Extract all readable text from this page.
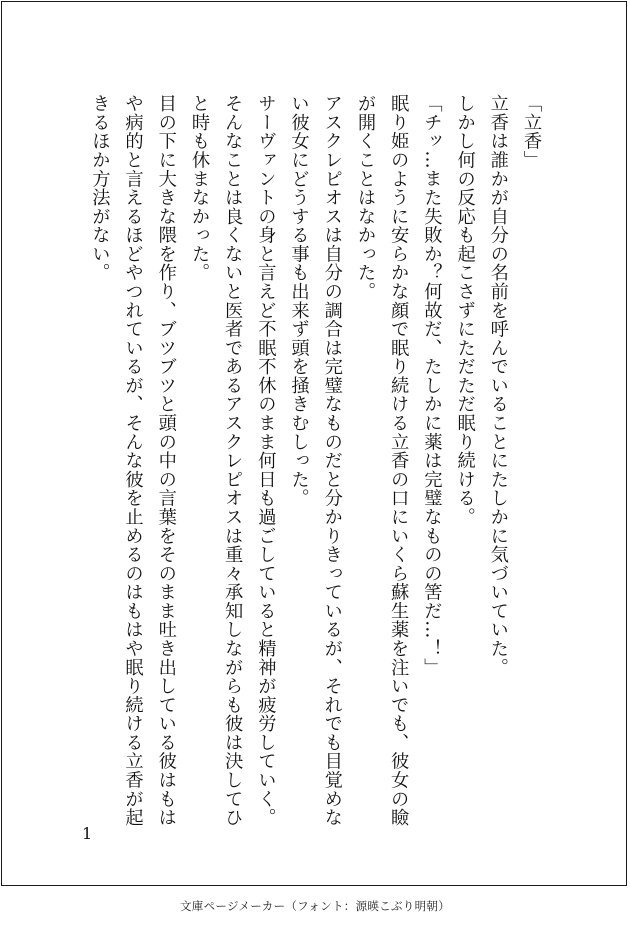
「立香」

立香は誰かが自分の名前を呼んでいることにたしかに気づいていた。

しかし何の反応も起こさずにただただ眠り続ける。

「チッ…また失敗か？何故だ、たしかに薬は完璧なものの筈だ…！」

眠り姫のように安らかな顔で眠り続ける立香の口にいくら蘇生薬を注いでも、彼女の瞼が開くことはなかった。

アスクレピオスは自分の調合は完璧なものだと分かりきっているが、それでも目覚めない彼女にどうする事も出来ず頭を掻きむしった。

サーヴァントの身と言えど不眠不休のまま何日も過ごしていると精神が疲労していく。

そんなことは良くないと医者であるアスクレピオスは重々承知しながらも彼は決してひと時も休まなかった。

目の下に大きな隈を作り、ブツブツと頭の中の言葉をそのまま吐き出している彼はもはや病的と言えるほどやつれているが、そんな彼を止めるのはもはや眠り続ける立香が起きるほか方法がない。

1
文庫ページメーカー（フォント：源暎こぶり明朝）
